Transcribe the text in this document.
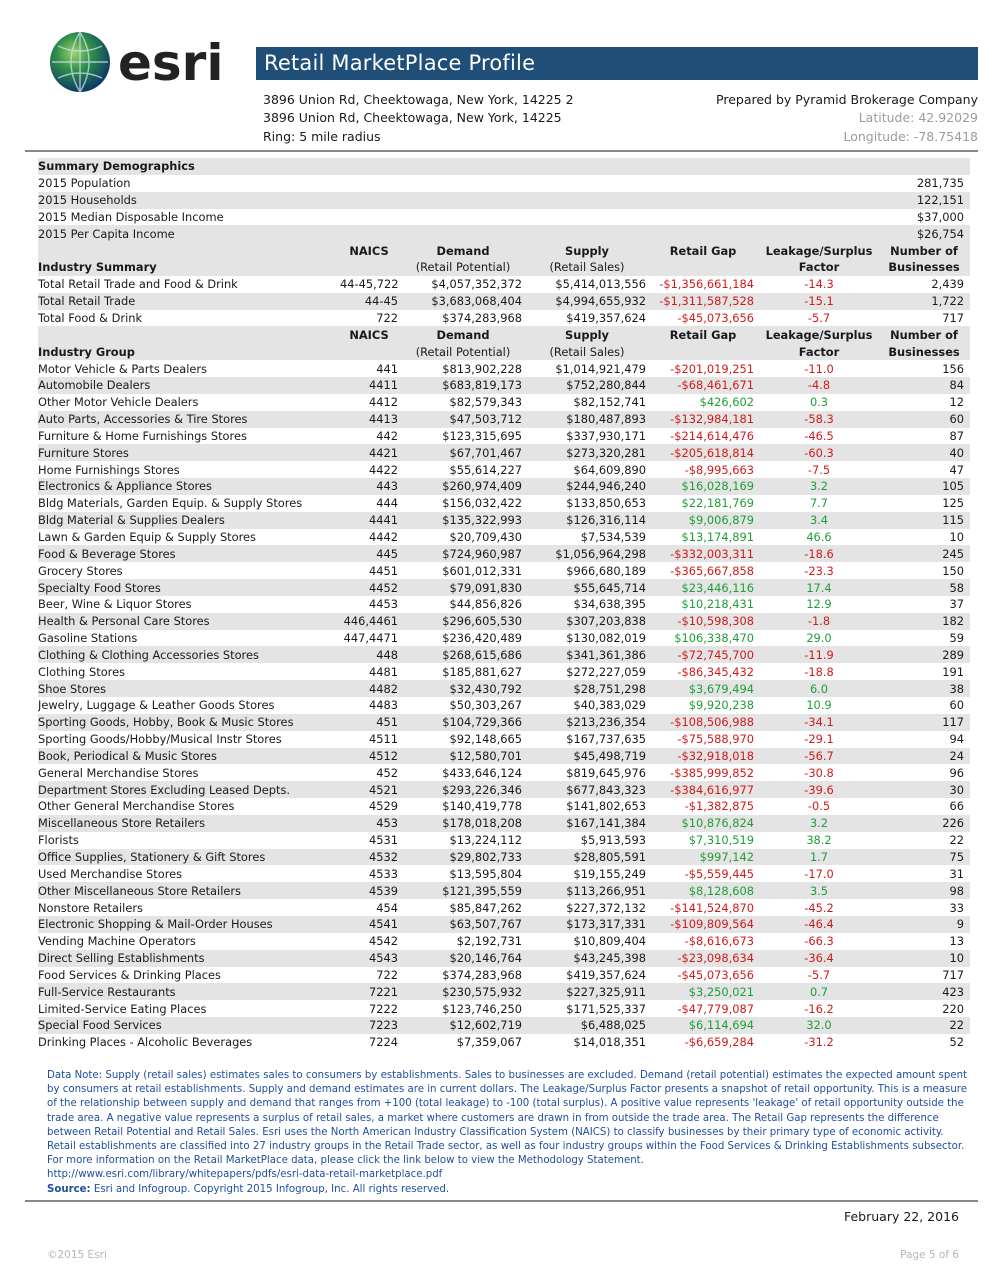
esri Retail MarketPlace Profile
3896 Union Rd, Cheektowaga, New York, 14225 2
3896 Union Rd, Cheektowaga, New York, 14225
Ring: 5 mile radius
Prepared by Pyramid Brokerage Company
Latitude: 42.92029
Longitude: -78.75418
Summary Demographics						
2015 Population						281,735
2015 Households						122,151
2015 Median Disposable Income						$37,000
2015 Per Capita Income						$26,754
	NAICS	Demand	Supply	Retail Gap	Leakage/Surplus	Number of
Industry Summary		(Retail Potential)	(Retail Sales)		Factor	Businesses
Total Retail Trade and Food & Drink	44-45,722	$4,057,352,372	$5,414,013,556	-$1,356,661,184	-14.3	2,439
Total Retail Trade	44-45	$3,683,068,404	$4,994,655,932	-$1,311,587,528	-15.1	1,722
Total Food & Drink	722	$374,283,968	$419,357,624	-$45,073,656	-5.7	717
	NAICS	Demand	Supply	Retail Gap	Leakage/Surplus	Number of
Industry Group		(Retail Potential)	(Retail Sales)		Factor	Businesses
Motor Vehicle & Parts Dealers	441	$813,902,228	$1,014,921,479	-$201,019,251	-11.0	156
Automobile Dealers	4411	$683,819,173	$752,280,844	-$68,461,671	-4.8	84
Other Motor Vehicle Dealers	4412	$82,579,343	$82,152,741	$426,602	0.3	12
Auto Parts, Accessories & Tire Stores	4413	$47,503,712	$180,487,893	-$132,984,181	-58.3	60
Furniture & Home Furnishings Stores	442	$123,315,695	$337,930,171	-$214,614,476	-46.5	87
Furniture Stores	4421	$67,701,467	$273,320,281	-$205,618,814	-60.3	40
Home Furnishings Stores	4422	$55,614,227	$64,609,890	-$8,995,663	-7.5	47
Electronics & Appliance Stores	443	$260,974,409	$244,946,240	$16,028,169	3.2	105
Bldg Materials, Garden Equip. & Supply Stores	444	$156,032,422	$133,850,653	$22,181,769	7.7	125
Bldg Material & Supplies Dealers	4441	$135,322,993	$126,316,114	$9,006,879	3.4	115
Lawn & Garden Equip & Supply Stores	4442	$20,709,430	$7,534,539	$13,174,891	46.6	10
Food & Beverage Stores	445	$724,960,987	$1,056,964,298	-$332,003,311	-18.6	245
Grocery Stores	4451	$601,012,331	$966,680,189	-$365,667,858	-23.3	150
Specialty Food Stores	4452	$79,091,830	$55,645,714	$23,446,116	17.4	58
Beer, Wine & Liquor Stores	4453	$44,856,826	$34,638,395	$10,218,431	12.9	37
Health & Personal Care Stores	446,4461	$296,605,530	$307,203,838	-$10,598,308	-1.8	182
Gasoline Stations	447,4471	$236,420,489	$130,082,019	$106,338,470	29.0	59
Clothing & Clothing Accessories Stores	448	$268,615,686	$341,361,386	-$72,745,700	-11.9	289
Clothing Stores	4481	$185,881,627	$272,227,059	-$86,345,432	-18.8	191
Shoe Stores	4482	$32,430,792	$28,751,298	$3,679,494	6.0	38
Jewelry, Luggage & Leather Goods Stores	4483	$50,303,267	$40,383,029	$9,920,238	10.9	60
Sporting Goods, Hobby, Book & Music Stores	451	$104,729,366	$213,236,354	-$108,506,988	-34.1	117
Sporting Goods/Hobby/Musical Instr Stores	4511	$92,148,665	$167,737,635	-$75,588,970	-29.1	94
Book, Periodical & Music Stores	4512	$12,580,701	$45,498,719	-$32,918,018	-56.7	24
General Merchandise Stores	452	$433,646,124	$819,645,976	-$385,999,852	-30.8	96
Department Stores Excluding Leased Depts.	4521	$293,226,346	$677,843,323	-$384,616,977	-39.6	30
Other General Merchandise Stores	4529	$140,419,778	$141,802,653	-$1,382,875	-0.5	66
Miscellaneous Store Retailers	453	$178,018,208	$167,141,384	$10,876,824	3.2	226
Florists	4531	$13,224,112	$5,913,593	$7,310,519	38.2	22
Office Supplies, Stationery & Gift Stores	4532	$29,802,733	$28,805,591	$997,142	1.7	75
Used Merchandise Stores	4533	$13,595,804	$19,155,249	-$5,559,445	-17.0	31
Other Miscellaneous Store Retailers	4539	$121,395,559	$113,266,951	$8,128,608	3.5	98
Nonstore Retailers	454	$85,847,262	$227,372,132	-$141,524,870	-45.2	33
Electronic Shopping & Mail-Order Houses	4541	$63,507,767	$173,317,331	-$109,809,564	-46.4	9
Vending Machine Operators	4542	$2,192,731	$10,809,404	-$8,616,673	-66.3	13
Direct Selling Establishments	4543	$20,146,764	$43,245,398	-$23,098,634	-36.4	10
Food Services & Drinking Places	722	$374,283,968	$419,357,624	-$45,073,656	-5.7	717
Full-Service Restaurants	7221	$230,575,932	$227,325,911	$3,250,021	0.7	423
Limited-Service Eating Places	7222	$123,746,250	$171,525,337	-$47,779,087	-16.2	220
Special Food Services	7223	$12,602,719	$6,488,025	$6,114,694	32.0	22
Drinking Places - Alcoholic Beverages	7224	$7,359,067	$14,018,351	-$6,659,284	-31.2	52
Data Note: Supply (retail sales) estimates sales to consumers by establishments. Sales to businesses are excluded. Demand (retail potential) estimates the expected amount spent by consumers at retail establishments. Supply and demand estimates are in current dollars. The Leakage/Surplus Factor presents a snapshot of retail opportunity. This is a measure of the relationship between supply and demand that ranges from +100 (total leakage) to -100 (total surplus). A positive value represents 'leakage' of retail opportunity outside the trade area. A negative value represents a surplus of retail sales, a market where customers are drawn in from outside the trade area. The Retail Gap represents the difference between Retail Potential and Retail Sales. Esri uses the North American Industry Classification System (NAICS) to classify businesses by their primary type of economic activity. Retail establishments are classified into 27 industry groups in the Retail Trade sector, as well as four industry groups within the Food Services & Drinking Establishments subsector. For more information on the Retail MarketPlace data, please click the link below to view the Methodology Statement.
http://www.esri.com/library/whitepapers/pdfs/esri-data-retail-marketplace.pdf
Source: Esri and Infogroup. Copyright 2015 Infogroup, Inc. All rights reserved.
February 22, 2016
©2015 Esri	Page 5 of 6
